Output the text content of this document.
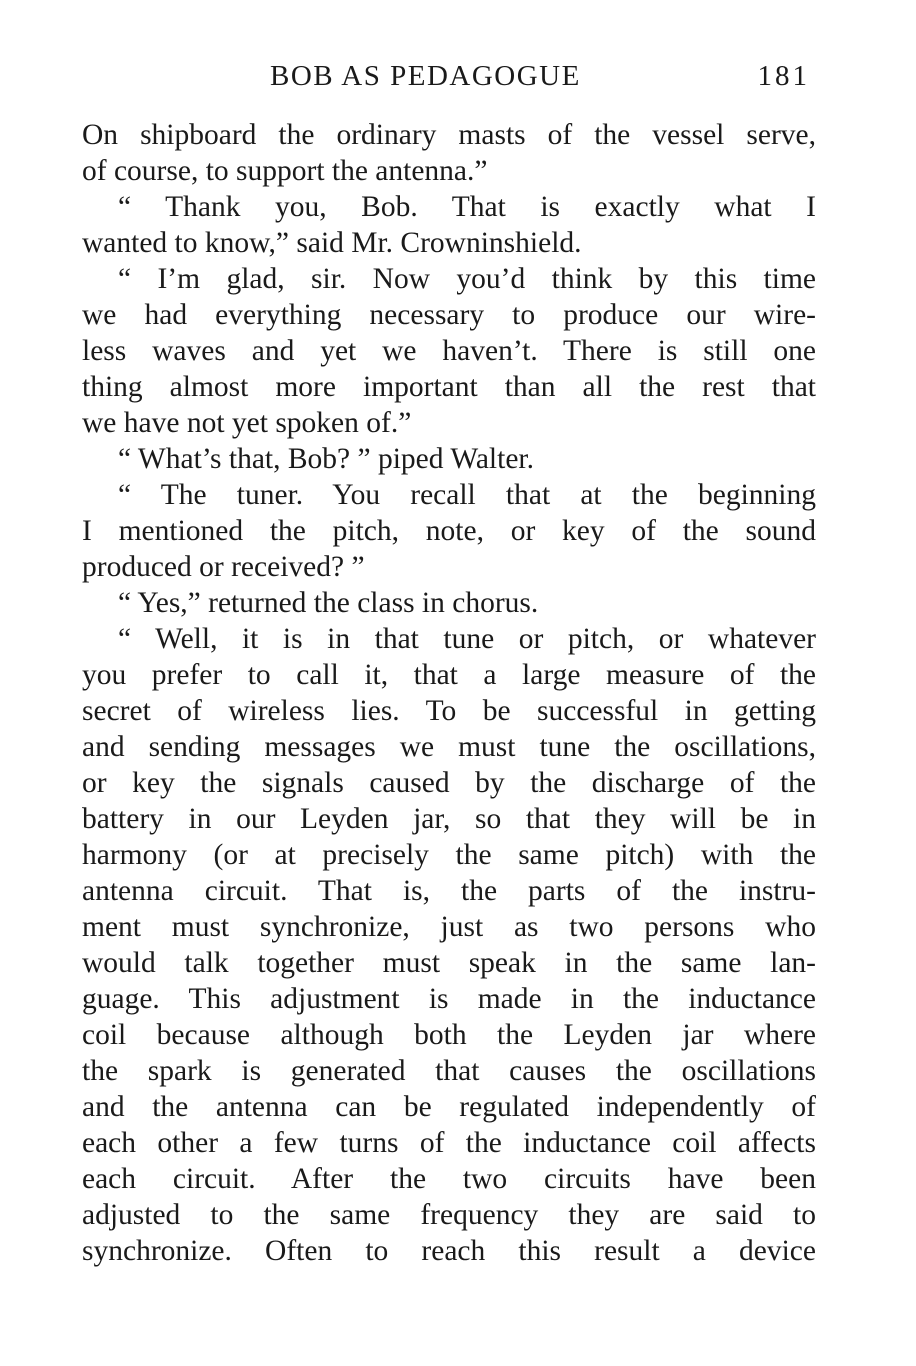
BOB AS PEDAGOGUE	181
On shipboard the ordinary masts of the vessel serve,
of course, to support the antenna.”
“ Thank you, Bob. That is exactly what I
wanted to know,” said Mr. Crowninshield.
“ I’m glad, sir. Now you’d think by this time
we had everything necessary to produce our wire-
less waves and yet we haven’t. There is still one
thing almost more important than all the rest that
we have not yet spoken of.”
“ What’s that, Bob? ” piped Walter.
“ The tuner. You recall that at the beginning
I mentioned the pitch, note, or key of the sound
produced or received? ”
“ Yes,” returned the class in chorus.
“ Well, it is in that tune or pitch, or whatever
you prefer to call it, that a large measure of the
secret of wireless lies. To be successful in getting
and sending messages we must tune the oscillations,
or key the signals caused by the discharge of the
battery in our Leyden jar, so that they will be in
harmony (or at precisely the same pitch) with the
antenna circuit. That is, the parts of the instru-
ment must synchronize, just as two persons who
would talk together must speak in the same lan-
guage. This adjustment is made in the inductance
coil because although both the Leyden jar where
the spark is generated that causes the oscillations
and the antenna can be regulated independently of
each other a few turns of the inductance coil affects
each circuit. After the two circuits have been
adjusted to the same frequency they are said to
synchronize. Often to reach this result a device
